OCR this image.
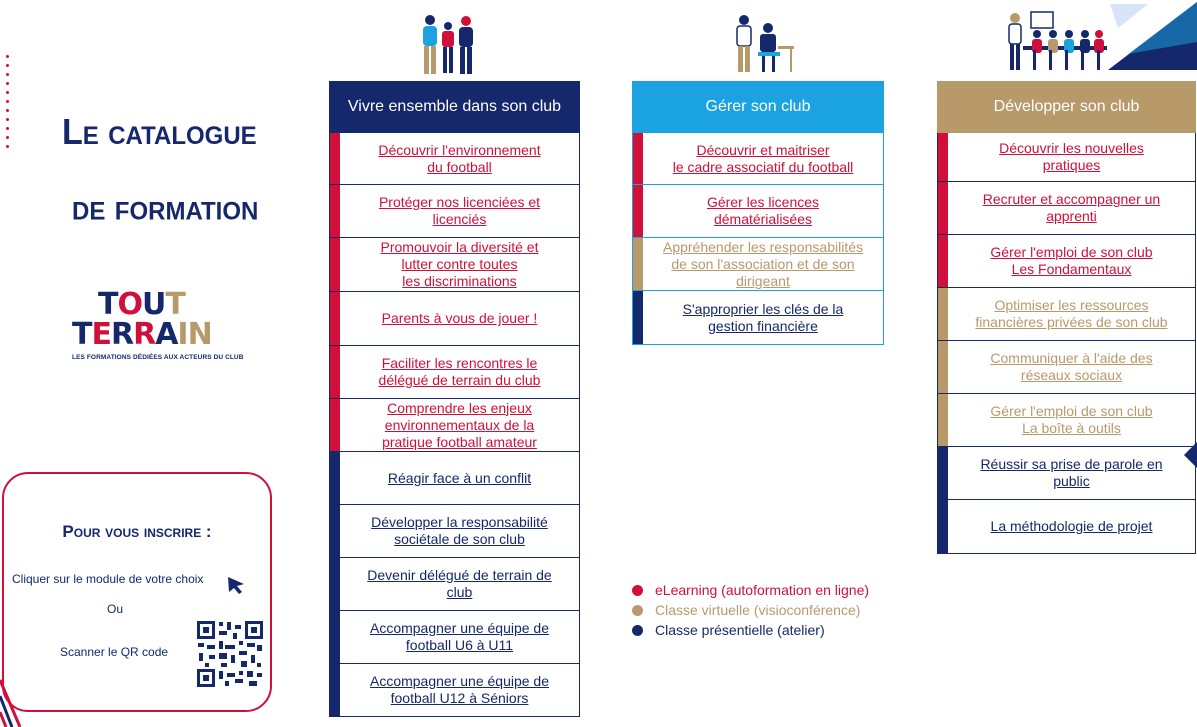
Le catalogue
de formation
T O U T
T E R R A I N
LES FORMATIONS DÉDIÉES AUX ACTEURS DU CLUB
Pour vous inscrire :
Cliquer sur le module de votre choix
Ou
Scanner le QR code
Vivre ensemble dans son club
Découvrir l'environnement
du football
Protéger nos licenciées et
licenciés
Promouvoir la diversité et
lutter contre toutes
les discriminations
Parents à vous de jouer !
Faciliter les rencontres le
délégué de terrain du club
Comprendre les enjeux
environnementaux de la
pratique football amateur
Réagir face à un conflit
Développer la responsabilité
sociétale de son club
Devenir délégué de terrain de
club
Accompagner une équipe de
football U6 à U11
Accompagner une équipe de
football U12 à Séniors
Gérer son club
Découvrir et maitriser
le cadre associatif du football
Gérer les licences
dématérialisées
Appréhender les responsabilités
de son l'association et de son
dirigeant
S'approprier les clés de la
gestion financière
Développer son club
Découvrir les nouvelles
pratiques
Recruter et accompagner un
apprenti
Gérer l'emploi de son club
Les Fondamentaux
Optimiser les ressources
financières privées de son club
Communiquer à l'aide des
réseaux sociaux
Gérer l'emploi de son club
La boîte à outils
Réussir sa prise de parole en
public
La méthodologie de projet
eLearning (autoformation en ligne)
Classe virtuelle (visioconférence)
Classe présentielle (atelier)
